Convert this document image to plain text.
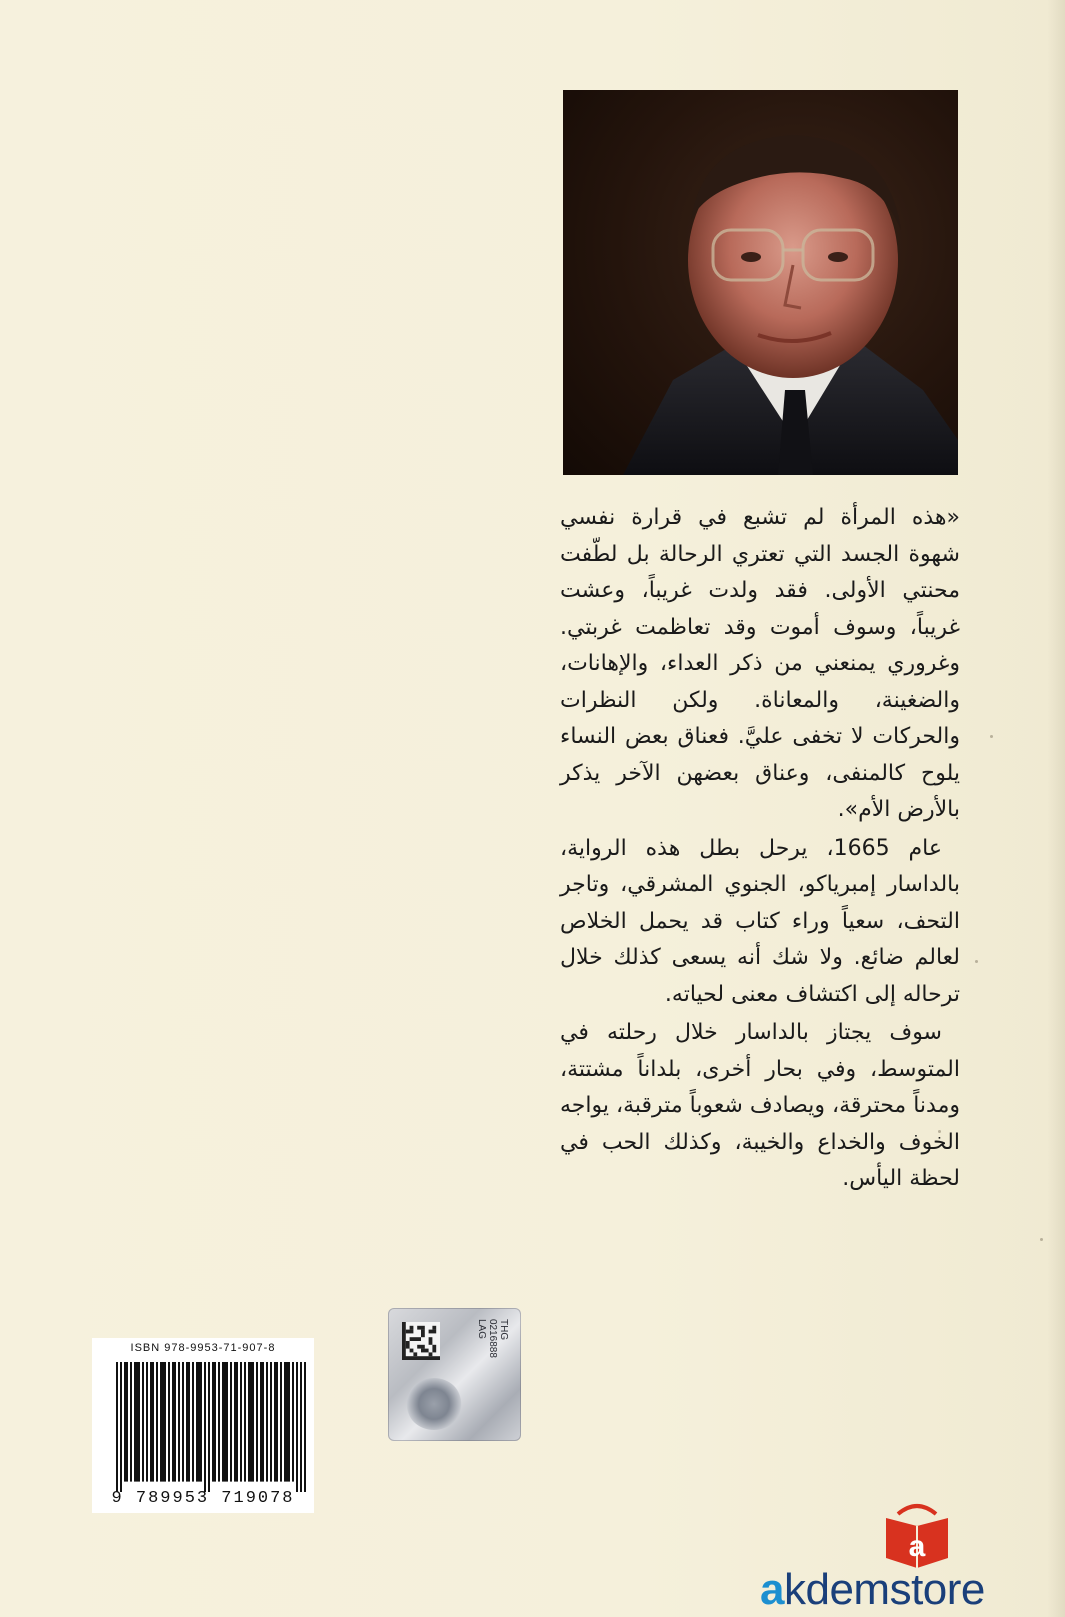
«هذه المرأة لم تشبع في قرارة نفسي شهوة الجسد التي تعتري الرحالة بل لطّفت محنتي الأولى. فقد ولدت غريباً، وعشت غريباً، وسوف أموت وقد تعاظمت غربتي. وغروري يمنعني من ذكر العداء، والإهانات، والضغينة، والمعاناة. ولكن النظرات والحركات لا تخفى عليَّ. فعناق بعض النساء يلوح كالمنفى، وعناق بعضهن الآخر يذكر بالأرض الأم».

عام 1665، يرحل بطل هذه الرواية، بالداسار إمبرياكو، الجنوي المشرقي، وتاجر التحف، سعياً وراء كتاب قد يحمل الخلاص لعالم ضائع. ولا شك أنه يسعى كذلك خلال ترحاله إلى اكتشاف معنى لحياته.

سوف يجتاز بالداسار خلال رحلته في المتوسط، وفي بحار أخرى، بلداناً مشتتة، ومدناً محترقة، ويصادف شعوباً مترقبة، يواجه الخوف والخداع والخيبة، وكذلك الحب في لحظة اليأس.

THG
0216888
LAG
ISBN 978-9953-71-907-8
9 789953 719078
a
akdemstore
